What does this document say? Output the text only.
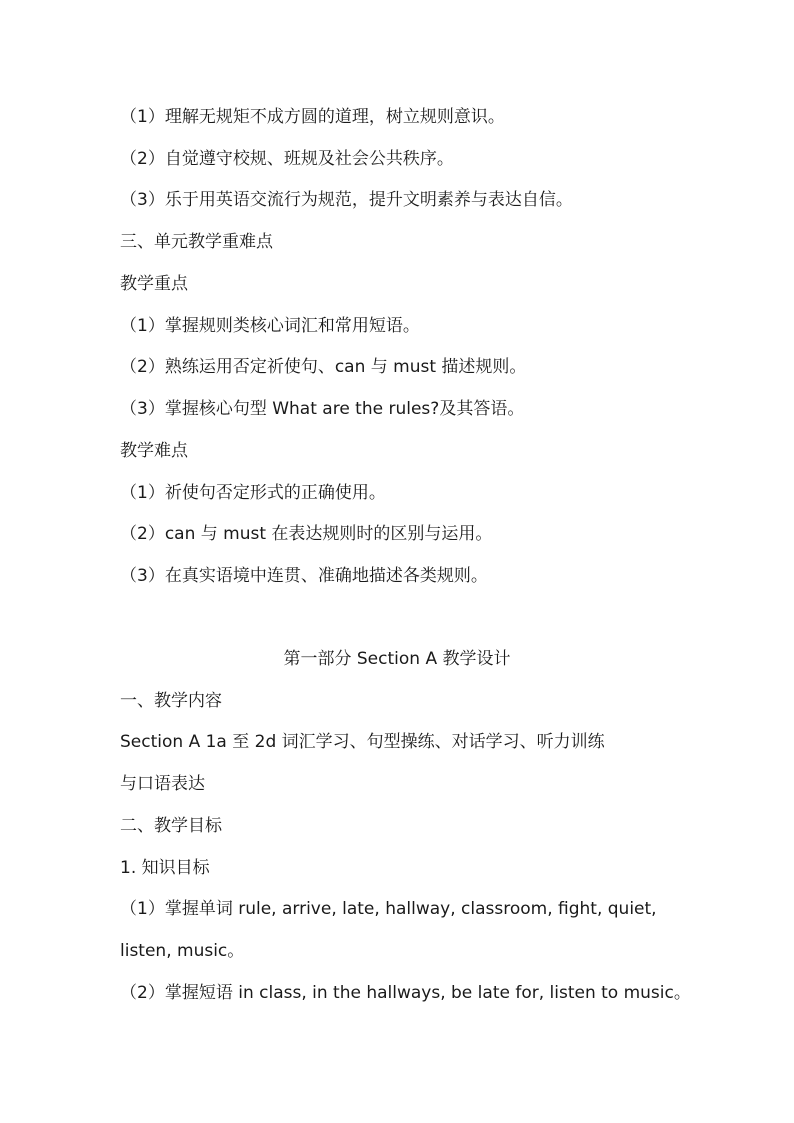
（1）理解无规矩不成方圆的道理，树立规则意识。
（2）自觉遵守校规、班规及社会公共秩序。
（3）乐于用英语交流行为规范，提升文明素养与表达自信。
三、单元教学重难点
教学重点
（1）掌握规则类核心词汇和常用短语。
（2）熟练运用否定祈使句、can 与 must 描述规则。
（3）掌握核心句型 What are the rules?及其答语。
教学难点
（1）祈使句否定形式的正确使用。
（2）can 与 must 在表达规则时的区别与运用。
（3）在真实语境中连贯、准确地描述各类规则。
第一部分 Section A 教学设计
一、教学内容
Section A 1a 至 2d 词汇学习、句型操练、对话学习、听力训练
与口语表达
二、教学目标
1. 知识目标
（1）掌握单词 rule, arrive, late, hallway, classroom, fight, quiet,
listen, music。
（2）掌握短语 in class, in the hallways, be late for, listen to music。
